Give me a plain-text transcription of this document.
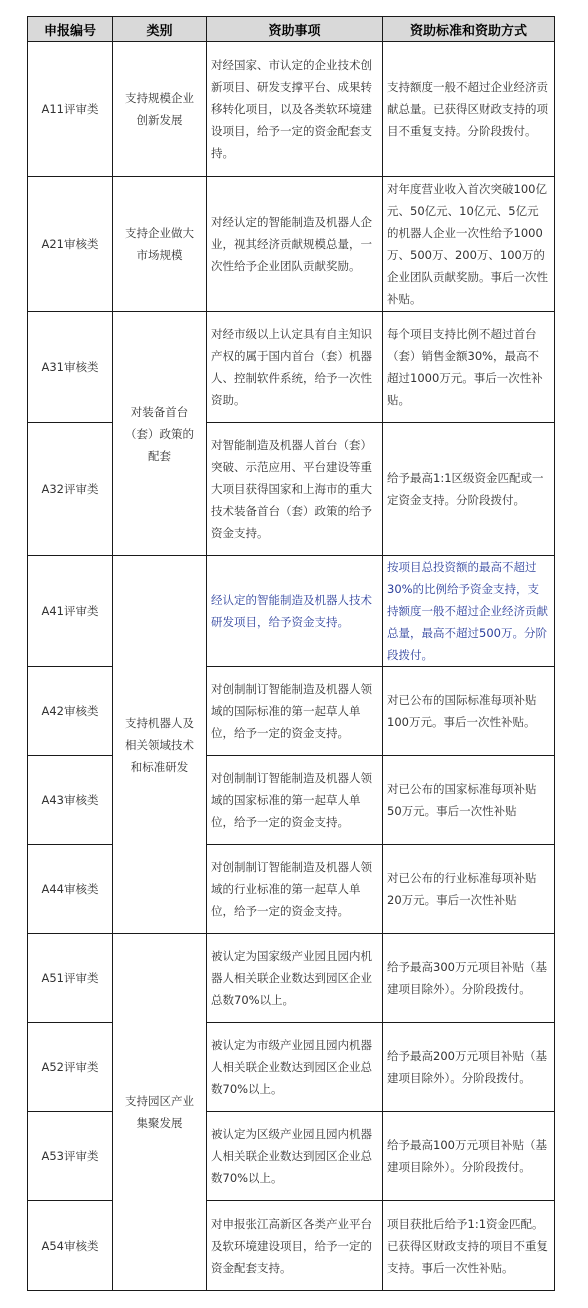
申报编号	类别	资助事项	资助标准和资助方式
A11评审类	支持规模企业创新发展	对经国家、市认定的企业技术创新项目、研发支撑平台、成果转移转化项目，以及各类软环境建设项目，给予一定的资金配套支持。	支持额度一般不超过企业经济贡献总量。已获得区财政支持的项目不重复支持。分阶段拨付。
A21审核类	支持企业做大市场规模	对经认定的智能制造及机器人企业，视其经济贡献规模总量，一次性给予企业团队贡献奖励。	对年度营业收入首次突破100亿元、50亿元、10亿元、5亿元的机器人企业一次性给予1000万、500万、200万、100万的企业团队贡献奖励。事后一次性补贴。
A31审核类	对装备首台（套）政策的配套	对经市级以上认定具有自主知识产权的属于国内首台（套）机器人、控制软件系统，给予一次性资助。	每个项目支持比例不超过首台（套）销售金额30%，最高不超过1000万元。事后一次性补贴。
A32评审类		对智能制造及机器人首台（套）突破、示范应用、平台建设等重大项目获得国家和上海市的重大技术装备首台（套）政策的给予资金支持。	给予最高1:1区级资金匹配或一定资金支持。分阶段拨付。
A41评审类	支持机器人及相关领域技术和标准研发	经认定的智能制造及机器人技术研发项目，给予资金支持。	按项目总投资额的最高不超过30%的比例给予资金支持，支持额度一般不超过企业经济贡献总量，最高不超过500万。分阶段拨付。
A42审核类		对创制制订智能制造及机器人领域的国际标准的第一起草人单位，给予一定的资金支持。	对已公布的国际标准每项补贴100万元。事后一次性补贴。
A43审核类		对创制制订智能制造及机器人领域的国家标准的第一起草人单位，给予一定的资金支持。	对已公布的国家标准每项补贴50万元。事后一次性补贴
A44审核类		对创制制订智能制造及机器人领域的行业标准的第一起草人单位，给予一定的资金支持。	对已公布的行业标准每项补贴20万元。事后一次性补贴
A51评审类	支持园区产业集聚发展	被认定为国家级产业园且园内机器人相关联企业数达到园区企业总数70%以上。	给予最高300万元项目补贴（基建项目除外）。分阶段拨付。
A52评审类		被认定为市级产业园且园内机器人相关联企业数达到园区企业总数70%以上。	给予最高200万元项目补贴（基建项目除外）。分阶段拨付。
A53评审类		被认定为区级产业园且园内机器人相关联企业数达到园区企业总数70%以上。	给予最高100万元项目补贴（基建项目除外）。分阶段拨付。
A54审核类		对申报张江高新区各类产业平台及软环境建设项目，给予一定的资金配套支持。	项目获批后给予1:1资金匹配。已获得区财政支持的项目不重复支持。事后一次性补贴。
